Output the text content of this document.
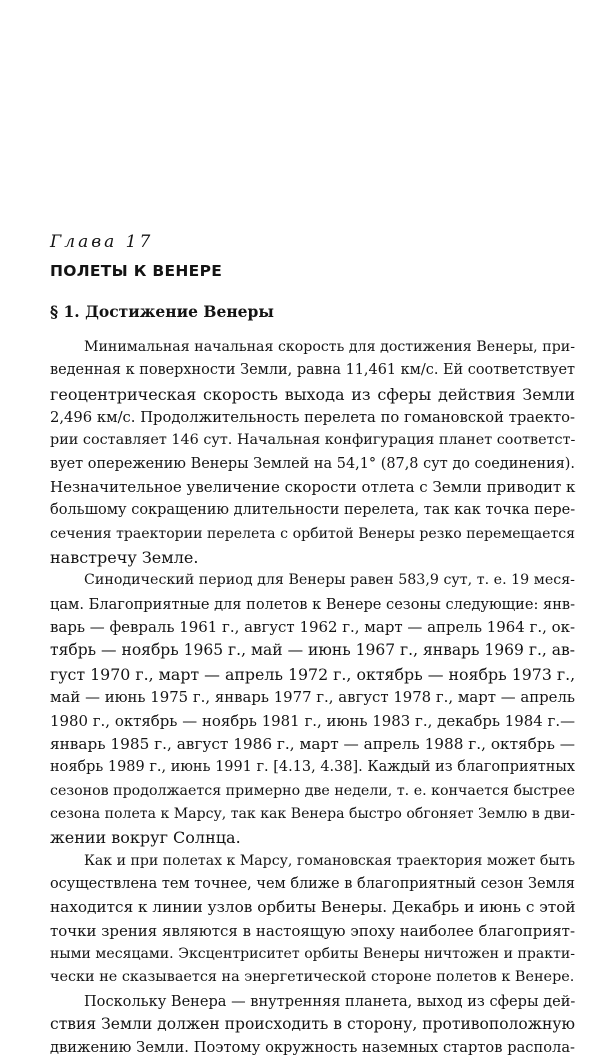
Глава 17
ПОЛЕТЫ К ВЕНЕРЕ
§ 1. Достижение Венеры
Минимальная начальная скорость для достижения Венеры, при-
веденная к поверхности Земли, равна 11,461 км/с. Ей соответствует
геоцентрическая скорость выхода из сферы действия Земли
2,496 км/с. Продолжительность перелета по гомановской траекто-
рии составляет 146 сут. Начальная конфигурация планет соответст-
вует опережению Венеры Землей на 54,1° (87,8 сут до соединения).
Незначительное увеличение скорости отлета с Земли приводит к
большому сокращению длительности перелета, так как точка пере-
сечения траектории перелета с орбитой Венеры резко перемещается
навстречу Земле.
Синодический период для Венеры равен 583,9 сут, т. е. 19 меся-
цам. Благоприятные для полетов к Венере сезоны следующие: янв-
варь — февраль 1961 г., август 1962 г., март — апрель 1964 г., ок-
тябрь — ноябрь 1965 г., май — июнь 1967 г., январь 1969 г., ав-
густ 1970 г., март — апрель 1972 г., октябрь — ноябрь 1973 г.,
май — июнь 1975 г., январь 1977 г., август 1978 г., март — апрель
1980 г., октябрь — ноябрь 1981 г., июнь 1983 г., декабрь 1984 г.—
январь 1985 г., август 1986 г., март — апрель 1988 г., октябрь —
ноябрь 1989 г., июнь 1991 г. [4.13, 4.38]. Каждый из благоприятных
сезонов продолжается примерно две недели, т. е. кончается быстрее
сезона полета к Марсу, так как Венера быстро обгоняет Землю в дви-
жении вокруг Солнца.
Как и при полетах к Марсу, гомановская траектория может быть
осуществлена тем точнее, чем ближе в благоприятный сезон Земля
находится к линии узлов орбиты Венеры. Декабрь и июнь с этой
точки зрения являются в настоящую эпоху наиболее благоприят-
ными месяцами. Эксцентриситет орбиты Венеры ничтожен и практи-
чески не сказывается на энергетической стороне полетов к Венере.
Поскольку Венера — внутренняя планета, выход из сферы дей-
ствия Земли должен происходить в сторону, противоположную
движению Земли. Поэтому окружность наземных стартов распола-
